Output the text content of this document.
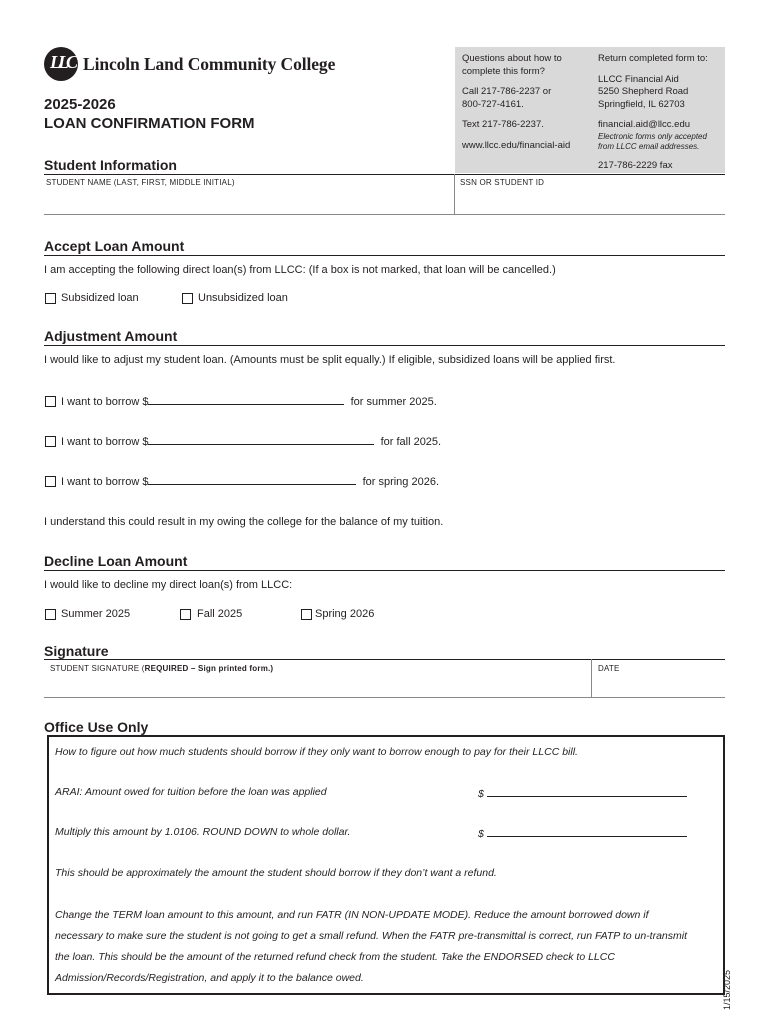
LLC Lincoln Land Community College
2025-2026
LOAN CONFIRMATION FORM
Questions about how to
complete this form?
Call 217-786-2237 or
800-727-4161.
Text 217-786-2237.
www.llcc.edu/financial-aid
Return completed form to:
LLCC Financial Aid
5250 Shepherd Road
Springfield, IL 62703
financial.aid@llcc.edu
Electronic forms only accepted
from LLCC email addresses.
217-786-2229 fax
Student Information
STUDENT NAME (LAST, FIRST, MIDDLE INITIAL)	SSN OR STUDENT ID
Accept Loan Amount
I am accepting the following direct loan(s) from LLCC: (If a box is not marked, that loan will be cancelled.)
Subsidized loan	Unsubsidized loan
Adjustment Amount
I would like to adjust my student loan. (Amounts must be split equally.) If eligible, subsidized loans will be applied first.
I want to borrow $	for summer 2025.
I want to borrow $	for fall 2025.
I want to borrow $	for spring 2026.
I understand this could result in my owing the college for the balance of my tuition.
Decline Loan Amount
I would like to decline my direct loan(s) from LLCC:
Summer 2025	Fall 2025	Spring 2026
Signature
STUDENT SIGNATURE (REQUIRED – Sign printed form.)	DATE
Office Use Only
How to figure out how much students should borrow if they only want to borrow enough to pay for their LLCC bill.
ARAI: Amount owed for tuition before the loan was applied	$
Multiply this amount by 1.0106. ROUND DOWN to whole dollar.	$
This should be approximately the amount the student should borrow if they don’t want a refund.
Change the TERM loan amount to this amount, and run FATR (IN NON-UPDATE MODE). Reduce the amount borrowed down if necessary to make sure the student is not going to get a small refund. When the FATR pre-transmittal is correct, run FATP to un-transmit the loan. This should be the amount of the returned refund check from the student. Take the ENDORSED check to LLCC Admission/Records/Registration, and apply it to the balance owed.	1/15/2025
